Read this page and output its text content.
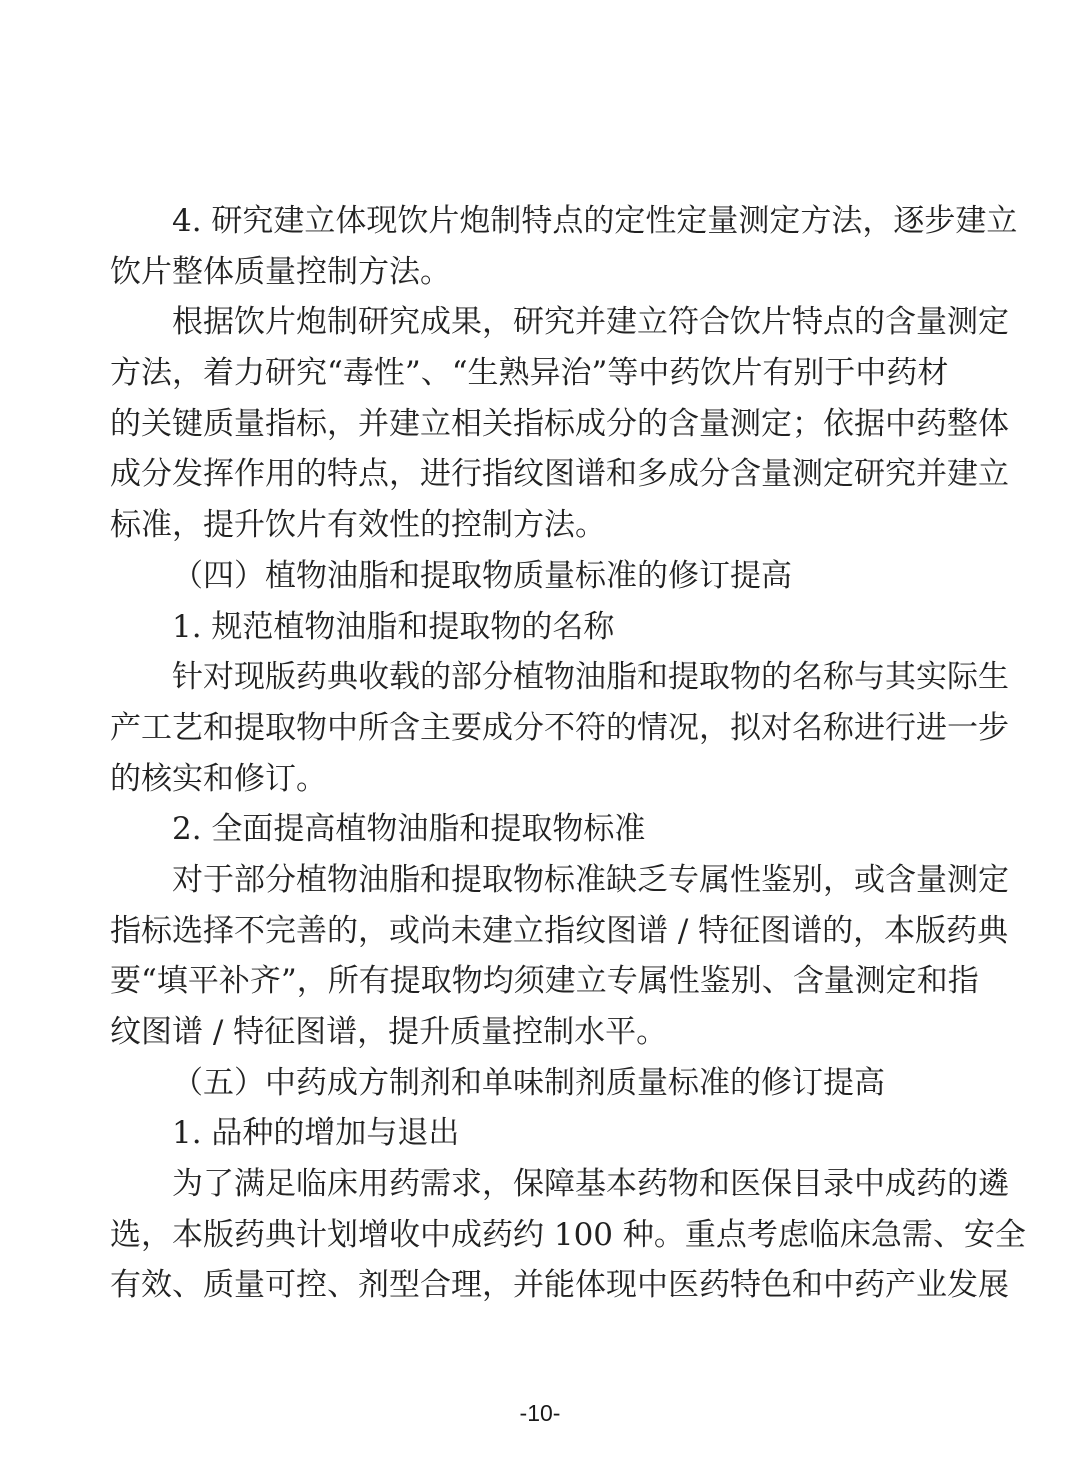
4. 研究建立体现饮片炮制特点的定性定量测定方法，逐步建立
饮片整体质量控制方法。
根据饮片炮制研究成果，研究并建立符合饮片特点的含量测定
方法，着力研究“毒性”、“生熟异治”等中药饮片有别于中药材
的关键质量指标，并建立相关指标成分的含量测定；依据中药整体
成分发挥作用的特点，进行指纹图谱和多成分含量测定研究并建立
标准，提升饮片有效性的控制方法。
（四）植物油脂和提取物质量标准的修订提高
1. 规范植物油脂和提取物的名称
针对现版药典收载的部分植物油脂和提取物的名称与其实际生
产工艺和提取物中所含主要成分不符的情况，拟对名称进行进一步
的核实和修订。
2. 全面提高植物油脂和提取物标准
对于部分植物油脂和提取物标准缺乏专属性鉴别，或含量测定
指标选择不完善的，或尚未建立指纹图谱 / 特征图谱的，本版药典
要“填平补齐”，所有提取物均须建立专属性鉴别、含量测定和指
纹图谱 / 特征图谱，提升质量控制水平。
（五）中药成方制剂和单味制剂质量标准的修订提高
1. 品种的增加与退出
为了满足临床用药需求，保障基本药物和医保目录中成药的遴
选，本版药典计划增收中成药约 100 种。重点考虑临床急需、安全
有效、质量可控、剂型合理，并能体现中医药特色和中药产业发展
-10-
